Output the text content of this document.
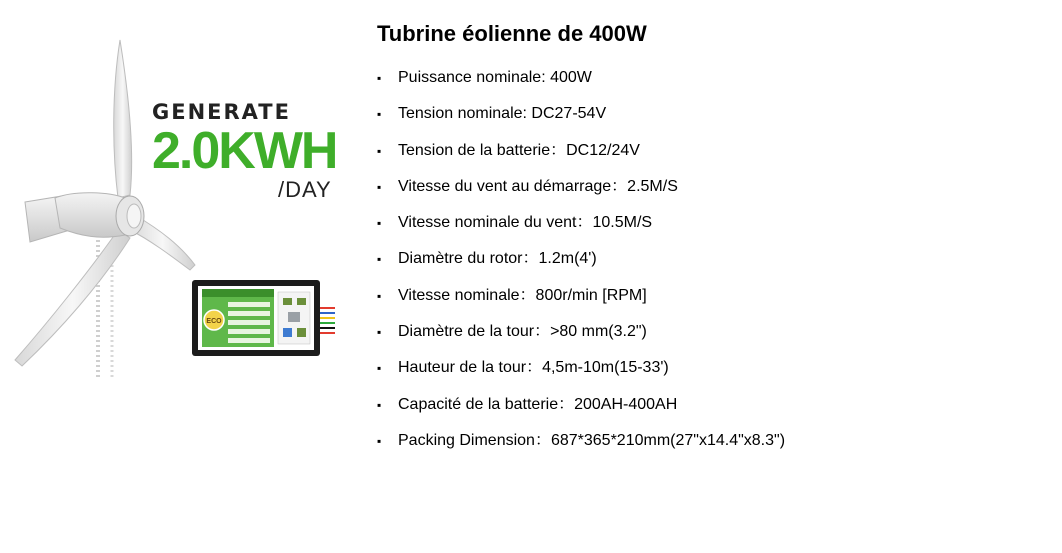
GENERATE
2.0KWH
/DAY
ECO
Tubrine éolienne de 400W
▪	Puissance nominale: 400W
▪	Tension nominale: DC27-54V
▪	Tension de la batterie：DC12/24V
▪	Vitesse du vent au démarrage：2.5M/S
▪	Vitesse nominale du vent：10.5M/S
▪	Diamètre du rotor：1.2m(4')
▪	Vitesse nominale：800r/min [RPM]
▪	Diamètre de la tour：>80 mm(3.2")
▪	Hauteur de la tour：4,5m-10m(15-33')
▪	Capacité de la batterie：200AH-400AH
▪	Packing Dimension：687*365*210mm(27"x14.4"x8.3")
